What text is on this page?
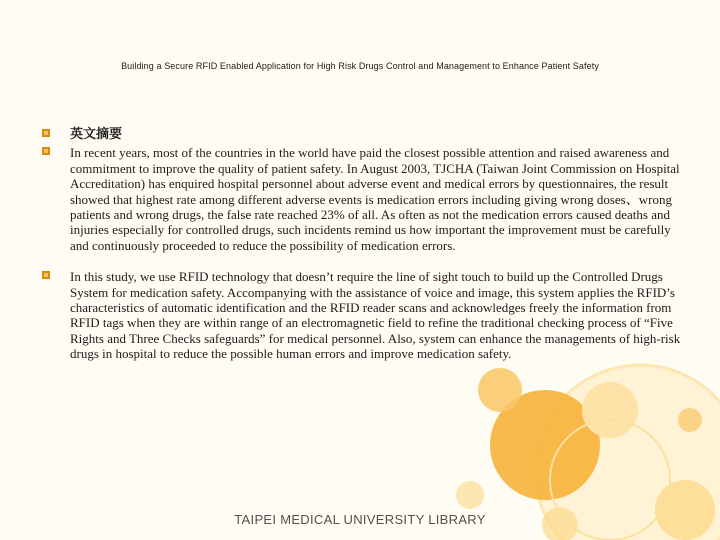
Building a Secure RFID Enabled Application for High Risk Drugs Control and Management to Enhance Patient Safety
英文摘要
In recent years, most of the countries in the world have paid the closest possible attention and raised awareness and commitment to improve the quality of patient safety. In August 2003, TJCHA (Taiwan Joint Commission on Hospital Accreditation) has enquired hospital personnel about adverse event and medical errors by questionnaires, the result showed that highest rate among different adverse events is medication errors including giving wrong doses、wrong patients and wrong drugs, the false rate reached 23% of all. As often as not the medication errors caused deaths and injuries especially for controlled drugs, such incidents remind us how important the improvement must be carefully and continuously proceeded to reduce the possibility of medication errors.
In this study, we use RFID technology that doesn’t require the line of sight touch to build up the Controlled Drugs System for medication safety. Accompanying with the assistance of voice and image, this system applies the RFID’s characteristics of automatic identification and the RFID reader scans and acknowledges freely the information from RFID tags when they are within range of an electromagnetic field to refine the traditional checking process of “Five Rights and Three Checks safeguards” for medical personnel. Also, system can enhance the managements of high-risk drugs in hospital to reduce the possible human errors and improve medication safety.
TAIPEI MEDICAL UNIVERSITY LIBRARY
